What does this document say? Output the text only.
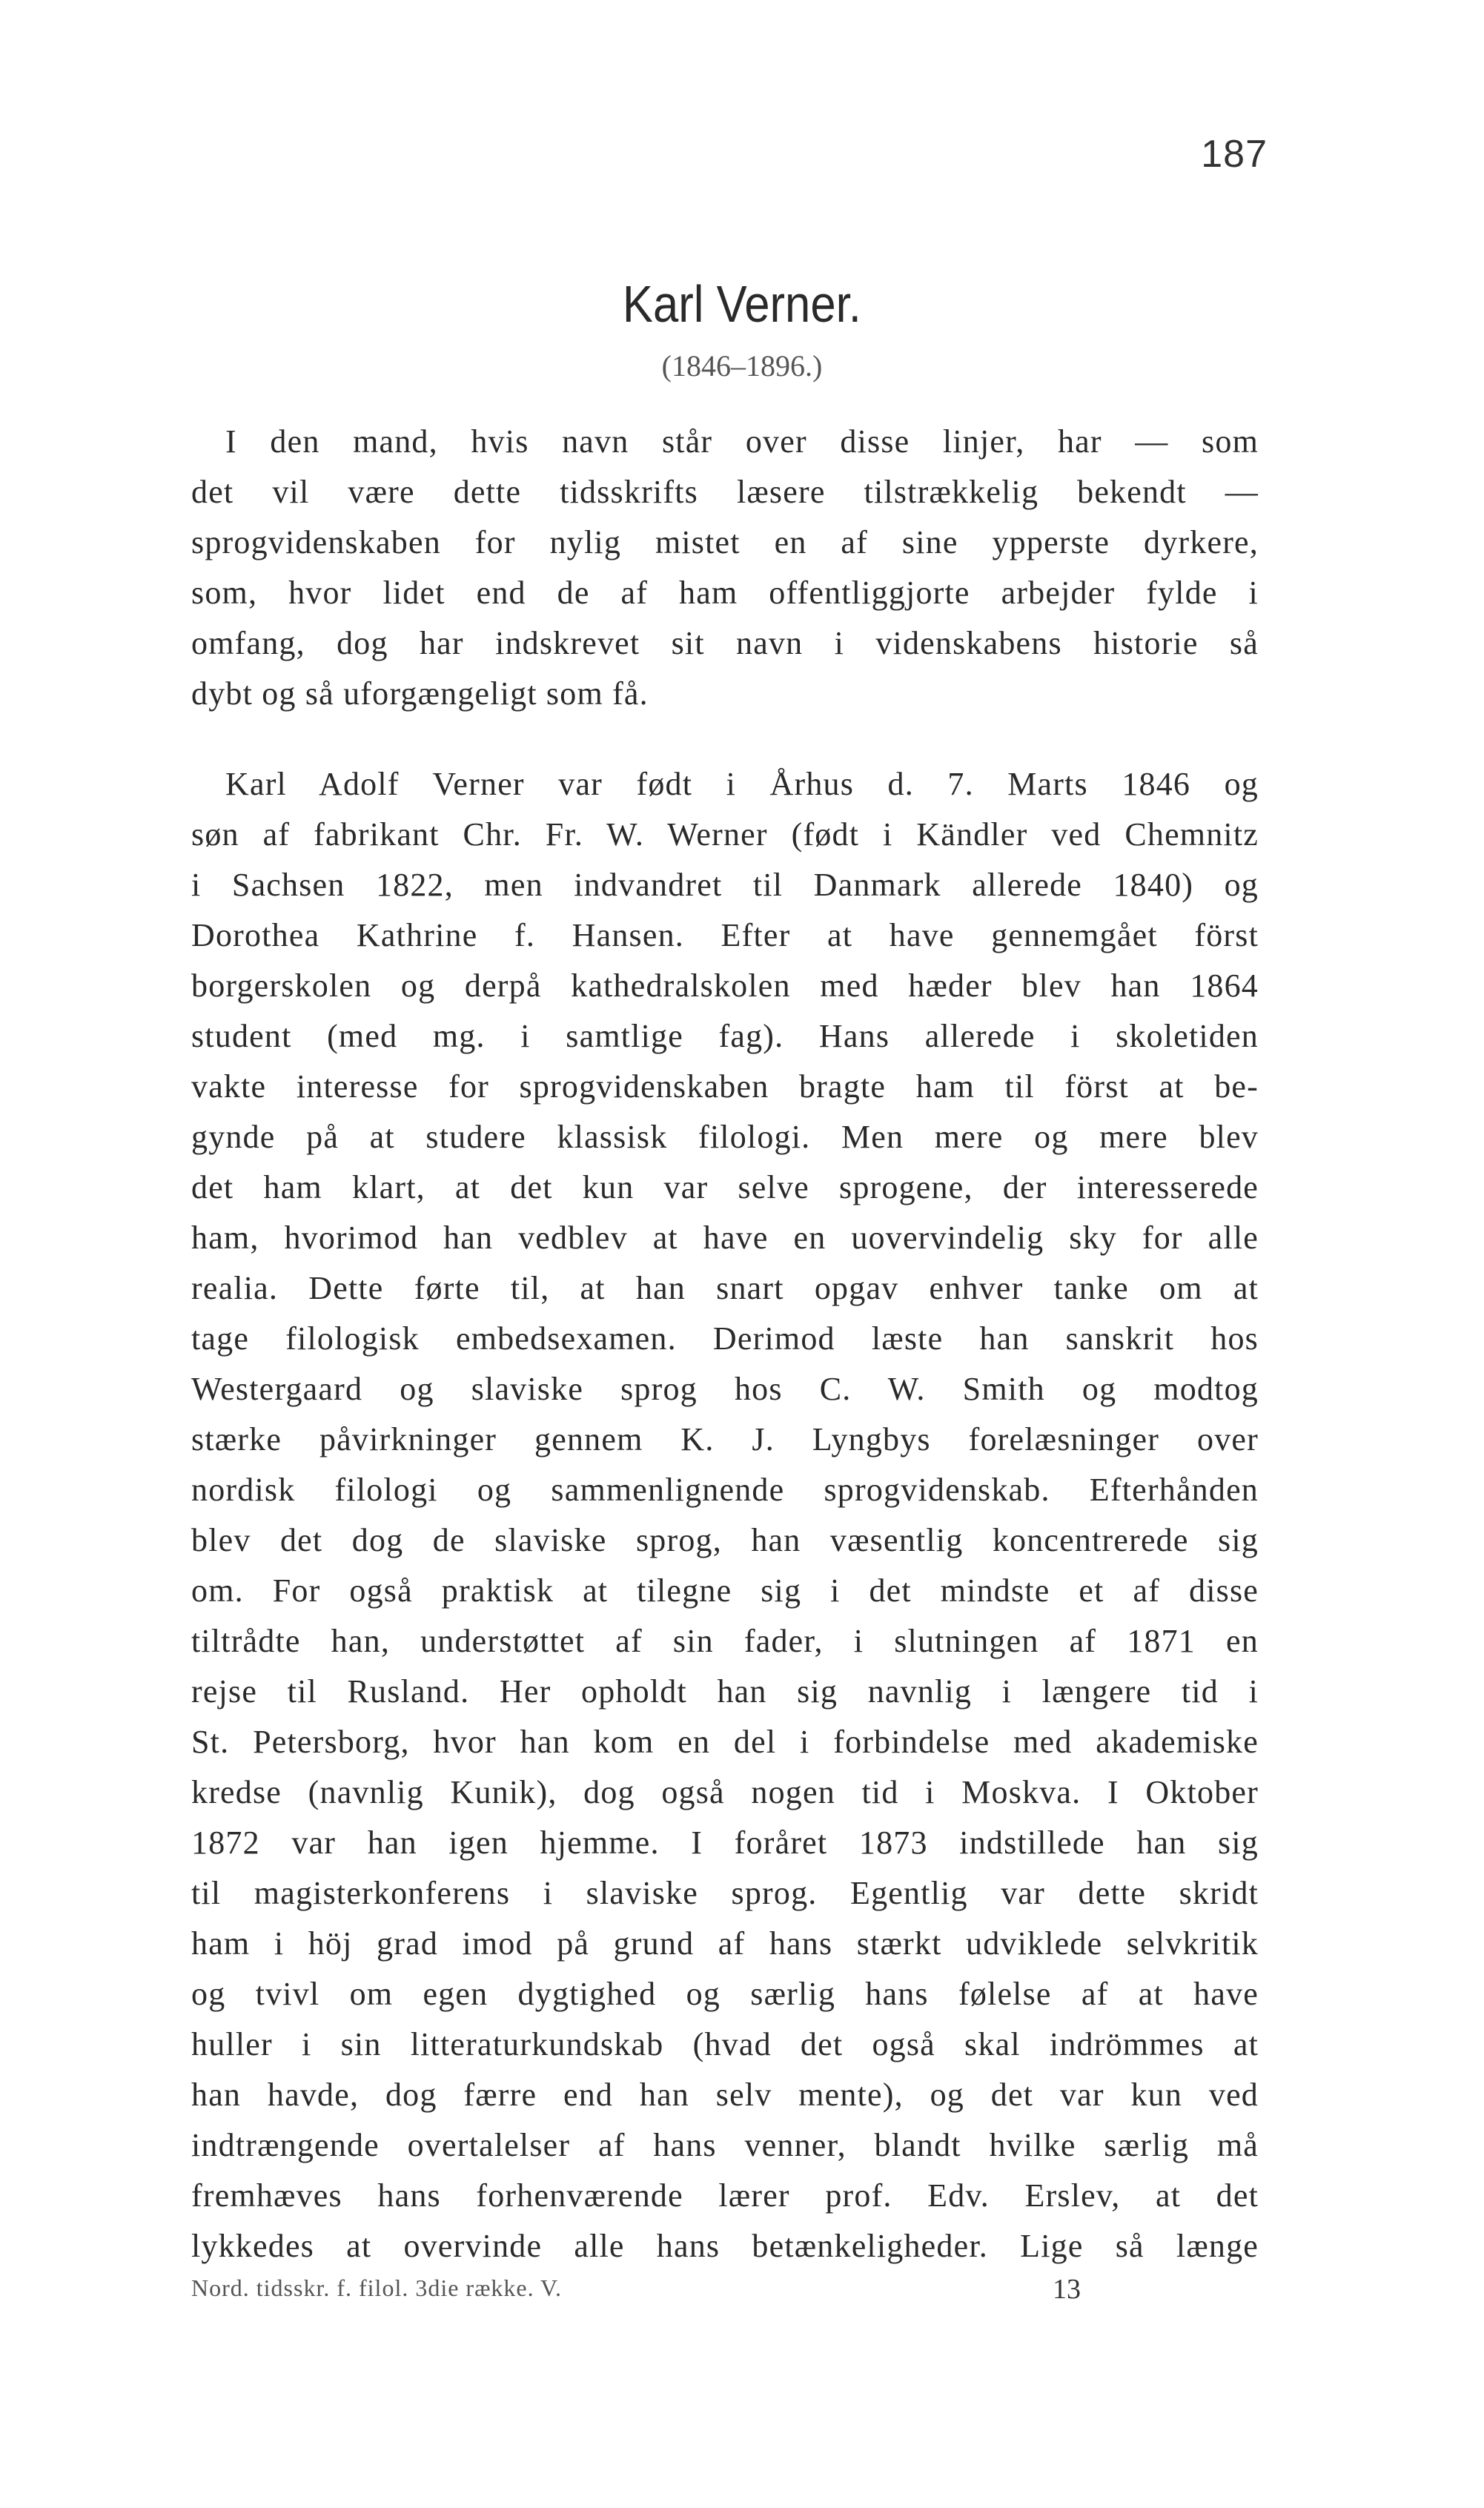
187
Karl Verner.
(1846–1896.)
I den mand, hvis navn står over disse linjer, har — som
det vil være dette tidsskrifts læsere tilstrækkelig bekendt —
sprogvidenskaben for nylig mistet en af sine ypperste dyrkere,
som, hvor lidet end de af ham offentliggjorte arbejder fylde i
omfang, dog har indskrevet sit navn i videnskabens historie så
dybt og så uforgængeligt som få.
Karl Adolf Verner var født i Århus d. 7. Marts 1846 og
søn af fabrikant Chr. Fr. W. Werner (født i Kändler ved Chemnitz
i Sachsen 1822, men indvandret til Danmark allerede 1840) og
Dorothea Kathrine f. Hansen. Efter at have gennemgået först
borgerskolen og derpå kathedralskolen med hæder blev han 1864
student (med mg. i samtlige fag). Hans allerede i skoletiden
vakte interesse for sprogvidenskaben bragte ham til först at be-
gynde på at studere klassisk filologi. Men mere og mere blev
det ham klart, at det kun var selve sprogene, der interesserede
ham, hvorimod han vedblev at have en uovervindelig sky for alle
realia. Dette førte til, at han snart opgav enhver tanke om at
tage filologisk embedsexamen. Derimod læste han sanskrit hos
Westergaard og slaviske sprog hos C. W. Smith og modtog
stærke påvirkninger gennem K. J. Lyngbys forelæsninger over
nordisk filologi og sammenlignende sprogvidenskab. Efterhånden
blev det dog de slaviske sprog, han væsentlig koncentrerede sig
om. For også praktisk at tilegne sig i det mindste et af disse
tiltrådte han, understøttet af sin fader, i slutningen af 1871 en
rejse til Rusland. Her opholdt han sig navnlig i længere tid i
St. Petersborg, hvor han kom en del i forbindelse med akademiske
kredse (navnlig Kunik), dog også nogen tid i Moskva. I Oktober
1872 var han igen hjemme. I foråret 1873 indstillede han sig
til magisterkonferens i slaviske sprog. Egentlig var dette skridt
ham i höj grad imod på grund af hans stærkt udviklede selvkritik
og tvivl om egen dygtighed og særlig hans følelse af at have
huller i sin litteraturkundskab (hvad det også skal indrömmes at
han havde, dog færre end han selv mente), og det var kun ved
indtrængende overtalelser af hans venner, blandt hvilke særlig må
fremhæves hans forhenværende lærer prof. Edv. Erslev, at det
lykkedes at overvinde alle hans betænkeligheder. Lige så længe
Nord. tidsskr. f. filol. 3die række. V.	13
